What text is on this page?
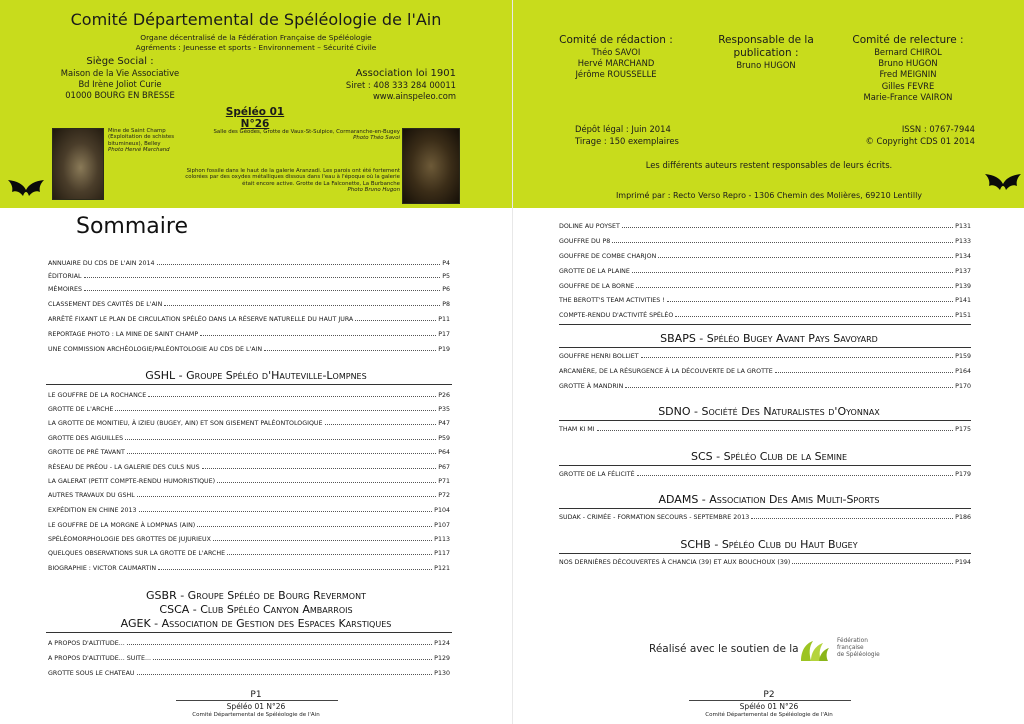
Comité Départemental de Spéléologie de l'Ain
Organe décentralisé de la Fédération Française de Spéléologie
Agréments : Jeunesse et sports - Environnement – Sécurité Civile
Siège Social :
Maison de la Vie Associative
Bd Irène Joliot Curie
01000 BOURG EN BRESSE
Association loi 1901
Siret : 408 333 284 00011
www.ainspeleo.com
Spéléo 01 N°26
Mine de Saint Champ (Exploitation de schistes bitumineux), Belley
Photo Hervé Marchand
Salle des Géodes, Grotte de Vaux-St-Sulpice, Cormaranche-en-Bugey
Photo Théo Savoi
Siphon fossile dans le haut de la galerie Aranzadi. Les parois ont été fortement colorées par des oxydes métalliques dissous dans l'eau à l'époque où la galerie était encore active. Grotte de La Falconette, La Burbanche
Photo Bruno Hugon
Sommaire
ANNUAIRE DU CDS DE L'AIN 2014	P4
ÉDITORIAL	P5
MÉMOIRES	P6
CLASSEMENT DES CAVITÉS DE L'AIN	P8
ARRÊTÉ FIXANT LE PLAN DE CIRCULATION SPÉLÉO DANS LA RÉSERVE NATURELLE DU HAUT JURA	P11
REPORTAGE PHOTO : LA MINE DE SAINT CHAMP	P17
UNE COMMISSION ARCHÉOLOGIE/PALÉONTOLOGIE AU CDS DE L'AIN	P19
GSHL - Groupe Spéléo d'Hauteville-Lompnes
LE GOUFFRE DE LA ROCHANCE	P26
GROTTE DE L'ARCHE	P35
LA GROTTE DE MONITIEU, À IZIEU (BUGEY, AIN) ET SON GISEMENT PALÉONTOLOGIQUE	P47
GROTTE DES AIGUILLES	P59
GROTTE DE PRÉ TAVANT	P64
RÉSEAU DE PRÉOU - LA GALERIE DES CULS NUS	P67
LA GALERAT (PETIT COMPTE-RENDU HUMORISTIQUE)	P71
AUTRES TRAVAUX DU GSHL	P72
EXPÉDITION EN CHINE 2013	P104
LE GOUFFRE DE LA MORGNE À LOMPNAS (AIN)	P107
SPÉLÉOMORPHOLOGIE DES GROTTES DE JUJURIEUX	P113
QUELQUES OBSERVATIONS SUR LA GROTTE DE L'ARCHE	P117
BIOGRAPHIE : VICTOR CAUMARTIN	P121
GSBR - Groupe Spéléo de Bourg Revermont
CSCA - Club Spéléo Canyon Ambarrois
AGEK - Association de Gestion des Espaces Karstiques
A PROPOS D'ALTITUDE...	P124
A PROPOS D'ALTITUDE... SUITE...	P129
GROTTE SOUS LE CHATEAU	P130
P1
Spéléo 01 N°26
Comité Départemental de Spéléologie de l'Ain
Comité de rédaction :
Théo SAVOI
Hervé MARCHAND
Jérôme ROUSSELLE
Responsable de la
publication :
Bruno HUGON
Comité de relecture :
Bernard CHIROL
Bruno HUGON
Fred MEIGNIN
Gilles FEVRE
Marie-France VAIRON
Dépôt légal : Juin 2014
Tirage : 150 exemplaires
ISSN : 0767-7944
© Copyright CDS 01 2014
Les différents auteurs restent responsables de leurs écrits.
Imprimé par : Recto Verso Repro - 1306 Chemin des Molières, 69210 Lentilly
DOLINE AU POYSET	P131
GOUFFRE DU P8	P133
GOUFFRE DE COMBE CHARJON	P134
GROTTE DE LA PLAINE	P137
GOUFFRE DE LA BORNE	P139
THE BEROTT'S TEAM ACTIVITIES !	P141
COMPTE-RENDU D'ACTIVITÉ SPÉLÉO	P151
SBAPS - Spéléo Bugey Avant Pays Savoyard
GOUFFRE HENRI BOLLIET	P159
ARCANIÈRE, DE LA RÉSURGENCE À LA DÉCOUVERTE DE LA GROTTE	P164
GROTTE À MANDRIN	P170
SDNO - Société Des Naturalistes d'Oyonnax
THAM KI MI	P175
SCS - Spéléo Club de la Semine
GROTTE DE LA FÉLICITÉ	P179
ADAMS - Association Des Amis Multi-Sports
SUDAK - CRIMÉE - FORMATION SECOURS - SEPTEMBRE 2013	P186
SCHB - Spéléo Club du Haut Bugey
NOS DERNIÈRES DÉCOUVERTES À CHANCIA (39) ET AUX BOUCHOUX (39)	P194
Réalisé avec le soutien de la
Fédération
française
de Spéléologie
P2
Spéléo 01 N°26
Comité Départemental de Spéléologie de l'Ain
